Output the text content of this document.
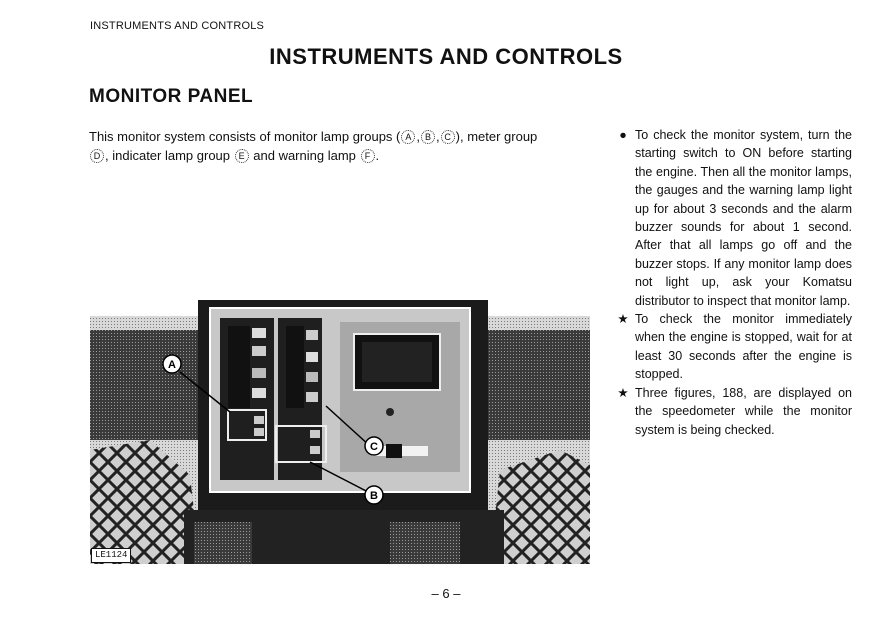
INSTRUMENTS AND CONTROLS
INSTRUMENTS AND CONTROLS
MONITOR PANEL
This monitor system consists of monitor lamp groups ( A , B , C ), meter group
D , indicater lamp group E and warning lamp F .
● To check the monitor system, turn the starting switch to ON before starting the engine. Then all the monitor lamps, the gauges and the warning lamp light up for about 3 seconds and the alarm buzzer sounds for about 1 second. After that all lamps go off and the buzzer stops. If any monitor lamp does not light up, ask your Komatsu distributor to inspect that monitor lamp.
★ To check the monitor immediately when the engine is stopped, wait for at least 30 seconds after the engine is stopped.
★ Three figures, 188, are displayed on the speedometer while the monitor system is being checked.
A
C
B
LE1124
– 6 –
